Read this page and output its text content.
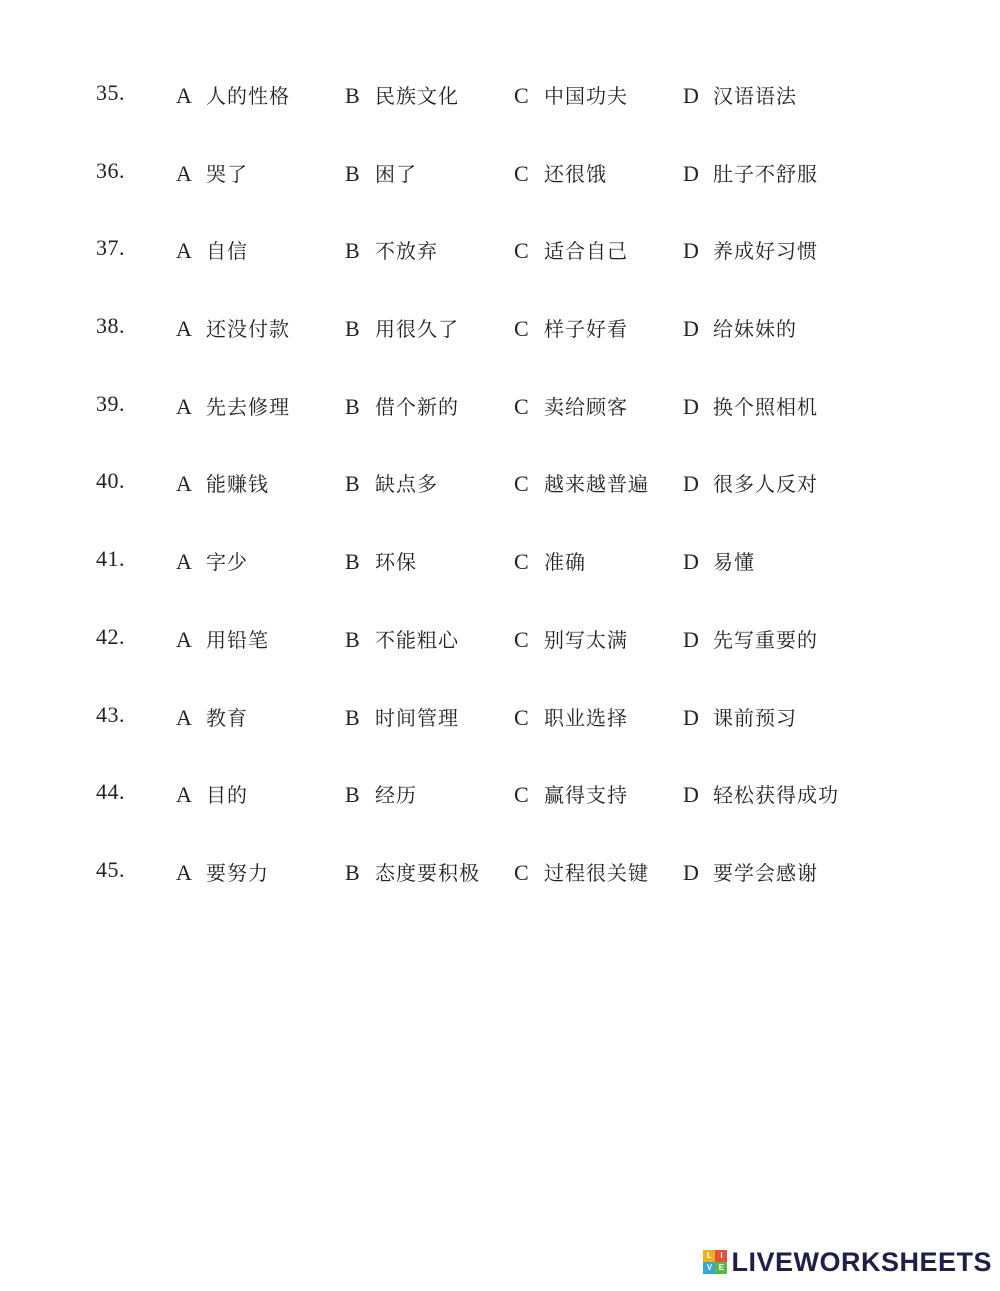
35. A 人的性格	B 民族文化	C 中国功夫	D 汉语语法
36. A 哭了	B 困了	C 还很饿	D 肚子不舒服
37. A 自信	B 不放弃	C 适合自己	D 养成好习惯
38. A 还没付款	B 用很久了	C 样子好看	D 给妹妹的
39. A 先去修理	B 借个新的	C 卖给顾客	D 换个照相机
40. A 能赚钱	B 缺点多	C 越来越普遍 D 很多人反对
41. A 字少	B 环保	C 准确	D 易懂
42. A 用铅笔	B 不能粗心	C 别写太满	D 先写重要的
43. A 教育	B 时间管理	C 职业选择	D 课前预习
44. A 目的	B 经历	C 赢得支持	D 轻松获得成功
45. A 要努力	B 态度要积极 C 过程很关键 D 要学会感谢
L	I
V E LIVEWORKSHEETS
